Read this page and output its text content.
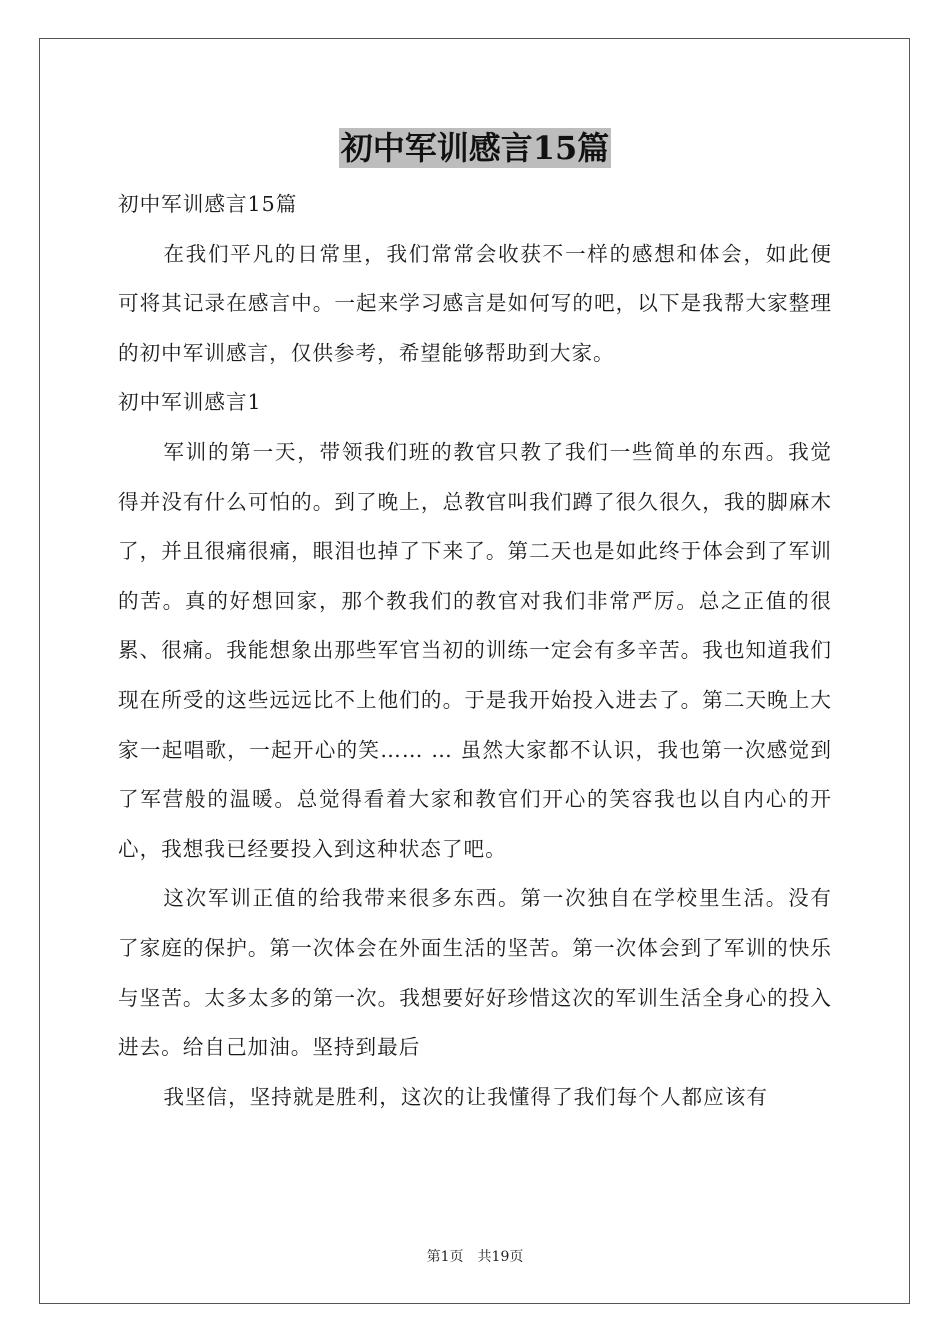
初中军训感言15篇

初中军训感言15篇

在我们平凡的日常里，我们常常会收获不一样的感想和体会，如此便可将其记录在感言中。一起来学习感言是如何写的吧，以下是我帮大家整理的初中军训感言，仅供参考，希望能够帮助到大家。

初中军训感言1

军训的第一天，带领我们班的教官只教了我们一些简单的东西。我觉得并没有什么可怕的。到了晚上，总教官叫我们蹲了很久很久，我的脚麻木了，并且很痛很痛，眼泪也掉了下来了。第二天也是如此终于体会到了军训的苦。真的好想回家，那个教我们的教官对我们非常严厉。总之正值的很累、很痛。我能想象出那些军官当初的训练一定会有多辛苦。我也知道我们现在所受的这些远远比不上他们的。于是我开始投入进去了。第二天晚上大家一起唱歌，一起开心的笑…… … 虽然大家都不认识，我也第一次感觉到了军营般的温暖。总觉得看着大家和教官们开心的笑容我也以自内心的开心，我想我已经要投入到这种状态了吧。

这次军训正值的给我带来很多东西。第一次独自在学校里生活。没有了家庭的保护。第一次体会在外面生活的坚苦。第一次体会到了军训的快乐与坚苦。太多太多的第一次。我想要好好珍惜这次的军训生活全身心的投入进去。给自己加油。坚持到最后

我坚信，坚持就是胜利，这次的让我懂得了我们每个人都应该有

第1页 共19页
